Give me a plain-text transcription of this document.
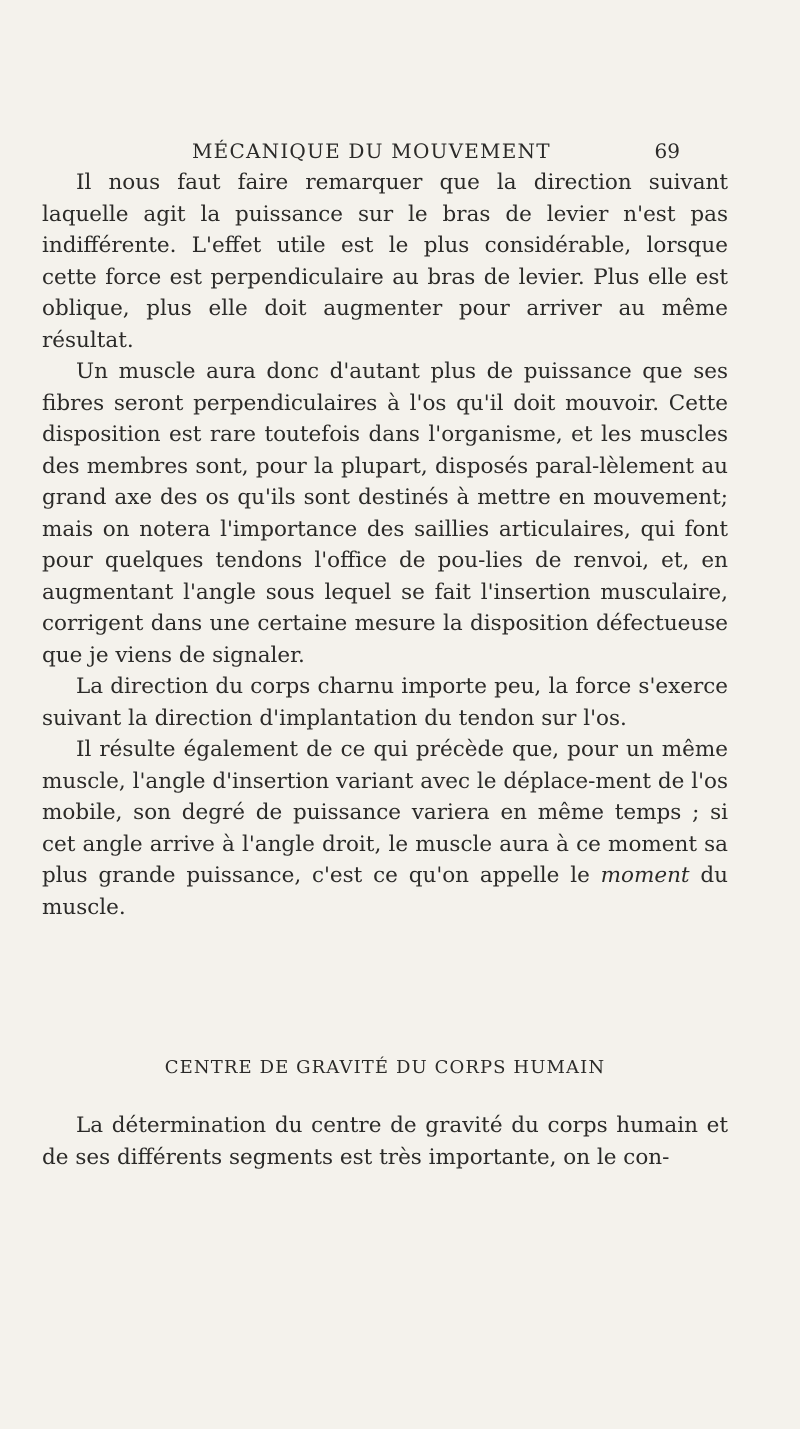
MÉCANIQUE DU MOUVEMENT	69

Il nous faut faire remarquer que la direction suivant laquelle agit la puissance sur le bras de levier n'est pas indifférente. L'effet utile est le plus considérable, lorsque cette force est perpendiculaire au bras de levier. Plus elle est oblique, plus elle doit augmenter pour arriver au même résultat.

Un muscle aura donc d'autant plus de puissance que ses fibres seront perpendiculaires à l'os qu'il doit mouvoir. Cette disposition est rare toutefois dans l'organisme, et les muscles des membres sont, pour la plupart, disposés paral-lèlement au grand axe des os qu'ils sont destinés à mettre en mouvement; mais on notera l'importance des saillies articulaires, qui font pour quelques tendons l'office de pou-lies de renvoi, et, en augmentant l'angle sous lequel se fait l'insertion musculaire, corrigent dans une certaine mesure la disposition défectueuse que je viens de signaler.

La direction du corps charnu importe peu, la force s'exerce suivant la direction d'implantation du tendon sur l'os.

Il résulte également de ce qui précède que, pour un même muscle, l'angle d'insertion variant avec le déplace-ment de l'os mobile, son degré de puissance variera en même temps ; si cet angle arrive à l'angle droit, le muscle aura à ce moment sa plus grande puissance, c'est ce qu'on appelle le moment du muscle.

CENTRE DE GRAVITÉ DU CORPS HUMAIN

La détermination du centre de gravité du corps humain et de ses différents segments est très importante, on le con-
